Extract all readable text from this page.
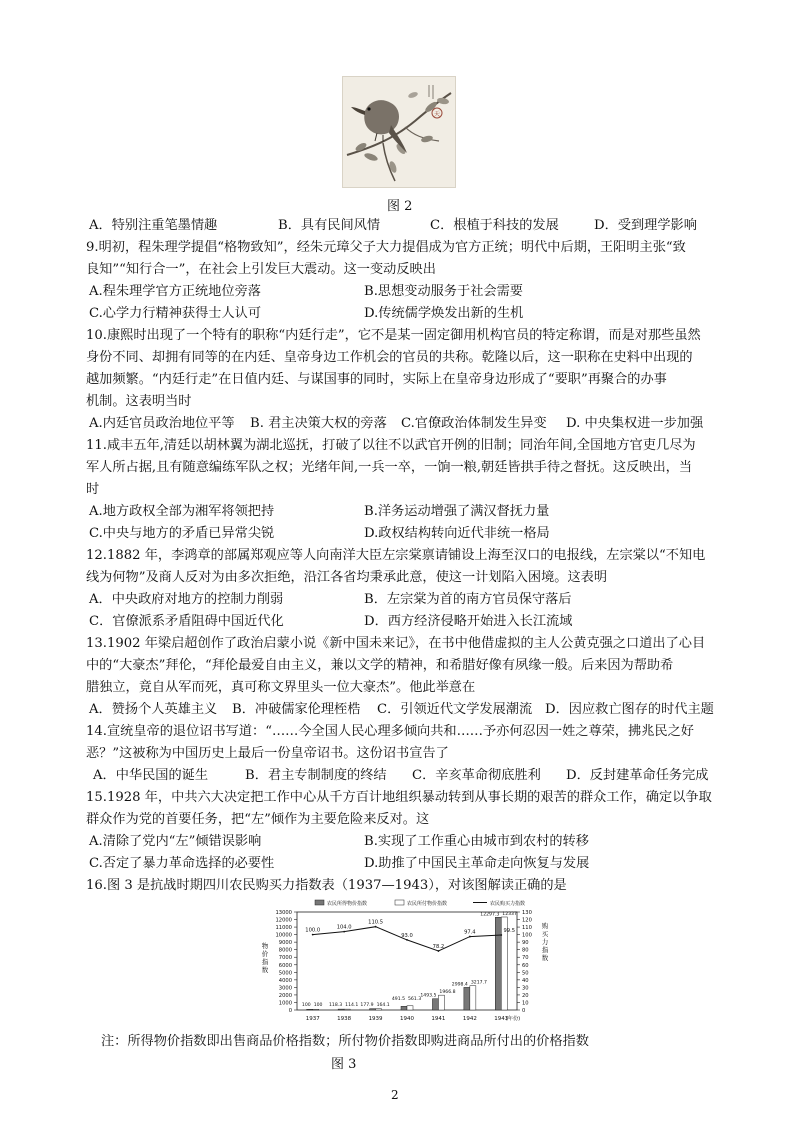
天
图 2
A．特别注重笔墨情趣	B．具有民间风情	C．根植于科技的发展	D．受到理学影响
9.明初，程朱理学提倡“格物致知”，经朱元璋父子大力提倡成为官方正统；明代中后期，王阳明主张“致
良知”“知行合一”，在社会上引发巨大震动。这一变动反映出
A.程朱理学官方正统地位旁落	B.思想变动服务于社会需要
C.心学力行精神获得士人认可	D.传统儒学焕发出新的生机
10.康熙时出现了一个特有的职称“内廷行走”，它不是某一固定御用机构官员的特定称谓，而是对那些虽然
身份不同、却拥有同等的在内廷、皇帝身边工作机会的官员的共称。乾隆以后，这一职称在史料中出现的
越加频繁。“内廷行走”在日值内廷、与谋国事的同时，实际上在皇帝身边形成了“要职”再聚合的办事
机制。这表明当时
A.内廷官员政治地位平等 B. 君主决策大权的旁落 C.官僚政治体制发生异变 D. 中央集权进一步加强
11.咸丰五年,清廷以胡林翼为湖北巡抚，打破了以往不以武官开例的旧制；同治年间,全国地方官吏几尽为
军人所占据,且有随意编练军队之权；光绪年间,一兵一卒，一饷一粮,朝廷皆拱手待之督抚。这反映出，当
时
A.地方政权全部为湘军将领把持	B.洋务运动增强了满汉督抚力量
C.中央与地方的矛盾已异常尖锐	D.政权结构转向近代非统一格局
12.1882 年，李鸿章的部属郑观应等人向南洋大臣左宗棠禀请铺设上海至汉口的电报线，左宗棠以“不知电
线为何物”及商人反对为由多次拒绝，沿江各省均秉承此意，使这一计划陷入困境。这表明
A．中央政府对地方的控制力削弱	B．左宗棠为首的南方官员保守落后
C．官僚派系矛盾阻碍中国近代化	D．西方经济侵略开始进入长江流域
13.1902 年梁启超创作了政治启蒙小说《新中国未来记》，在书中他借虚拟的主人公黄克强之口道出了心目
中的“大豪杰”拜伦，“拜伦最爱自由主义，兼以文学的精神，和希腊好像有夙缘一般。后来因为帮助希
腊独立，竟自从军而死，真可称文界里头一位大豪杰”。他此举意在
A．赞扬个人英雄主义 B．冲破儒家伦理桎梏 C．引领近代文学发展潮流 D．因应救亡图存的时代主题
14.宣统皇帝的退位诏书写道：“……今全国人民心理多倾向共和……予亦何忍因一姓之尊荣，拂兆民之好
恶？”这被称为中国历史上最后一份皇帝诏书。这份诏书宣告了
A．中华民国的诞生	B．君主专制制度的终结 C．辛亥革命彻底胜利 D．反封建革命任务完成
15.1928 年，中共六大决定把工作中心从千方百计地组织暴动转到从事长期的艰苦的群众工作，确定以争取
群众作为党的首要任务，把“左”倾作为主要危险来反对。这
A.清除了党内“左”倾错误影响	B.实现了工作重心由城市到农村的转移
C.否定了暴力革命选择的必要性	D.助推了中国民主革命走向恢复与发展
16.图 3 是抗战时期四川农民购买力指数表（1937—1943），对该图解读正确的是
0
1000
2000
3000
4000
5000
6000
7000
8000
9000
10000
11000
12000
13000
0
10
20
30
40
50
60
70
80
90
100
110
120
130
物
价
指
数
购
买
力
指
数
100 100
1937
118.3 114.1
1938
177.9 164.1
1939
491.5 561.3
1940
1493.5
1966.8
1941
2998.4 3217.7
1942
12297.3 12337
1943
(年份)
100.0
104.0
110.5
93.0
78.2
97.4	99.5
农民所得物价指数	农民所付物价指数	农民购买力指数
注：所得物价指数即出售商品价格指数；所付物价指数即购进商品所付出的价格指数
图 3
2
